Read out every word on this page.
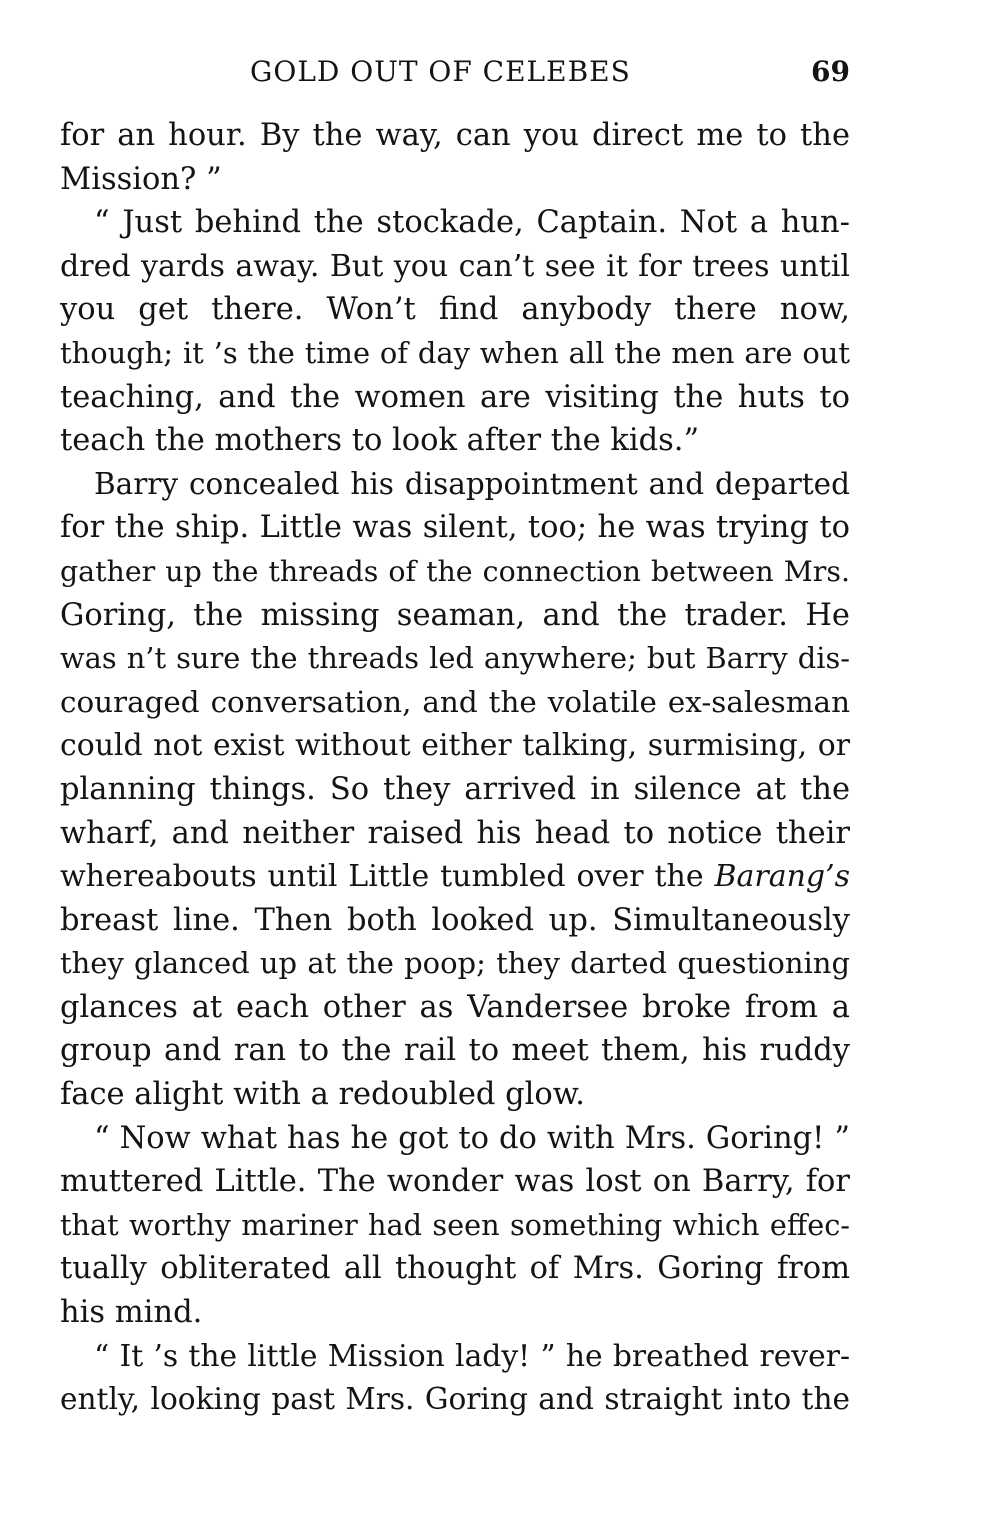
GOLD OUT OF CELEBES	69
for an hour. By the way, can you direct me to the
Mission? ”
“ Just behind the stockade, Captain. Not a hun-
dred yards away. But you can’t see it for trees until
you get there. Won’t find anybody there now,
though; it ’s the time of day when all the men are out
teaching, and the women are visiting the huts to
teach the mothers to look after the kids.”
Barry concealed his disappointment and departed
for the ship. Little was silent, too; he was trying to
gather up the threads of the connection between Mrs.
Goring, the missing seaman, and the trader. He
was n’t sure the threads led anywhere; but Barry dis-
couraged conversation, and the volatile ex-salesman
could not exist without either talking, surmising, or
planning things. So they arrived in silence at the
wharf, and neither raised his head to notice their
whereabouts until Little tumbled over the Barang’s
breast line. Then both looked up. Simultaneously
they glanced up at the poop; they darted questioning
glances at each other as Vandersee broke from a
group and ran to the rail to meet them, his ruddy
face alight with a redoubled glow.
“ Now what has he got to do with Mrs. Goring! ”
muttered Little. The wonder was lost on Barry, for
that worthy mariner had seen something which effec-
tually obliterated all thought of Mrs. Goring from
his mind.
“ It ’s the little Mission lady! ” he breathed rever-
ently, looking past Mrs. Goring and straight into the
